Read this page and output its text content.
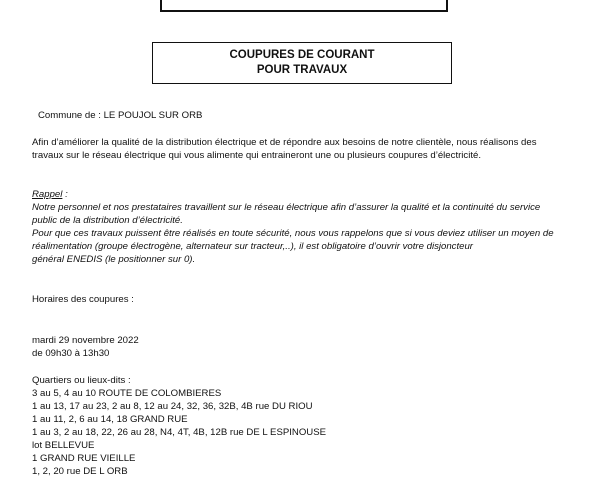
COUPURES DE COURANT
POUR TRAVAUX
Commune de : LE POUJOL SUR ORB
Afin d’améliorer la qualité de la distribution électrique et de répondre aux besoins de notre clientèle, nous réalisons des
travaux sur le réseau électrique qui vous alimente qui entraineront une ou plusieurs coupures d’électricité.
Rappel :
Notre personnel et nos prestataires travaillent sur le réseau électrique afin d’assurer la qualité et la continuité du service
public de la distribution d’électricité.
Pour que ces travaux puissent être réalisés en toute sécurité, nous vous rappelons que si vous deviez utiliser un moyen de
réalimentation (groupe électrogène, alternateur sur tracteur,..), il est obligatoire d’ouvrir votre disjoncteur
général ENEDIS (le positionner sur 0).
Horaires des coupures :
mardi 29 novembre 2022
de 09h30 à 13h30
Quartiers ou lieux-dits :
3 au 5, 4 au 10 ROUTE DE COLOMBIERES
1 au 13, 17 au 23, 2 au 8, 12 au 24, 32, 36, 32B, 4B rue DU RIOU
1 au 11, 2, 6 au 14, 18 GRAND RUE
1 au 3, 2 au 18, 22, 26 au 28, N4, 4T, 4B, 12B rue DE L ESPINOUSE
lot BELLEVUE
1 GRAND RUE VIEILLE
1, 2, 20 rue DE L ORB
